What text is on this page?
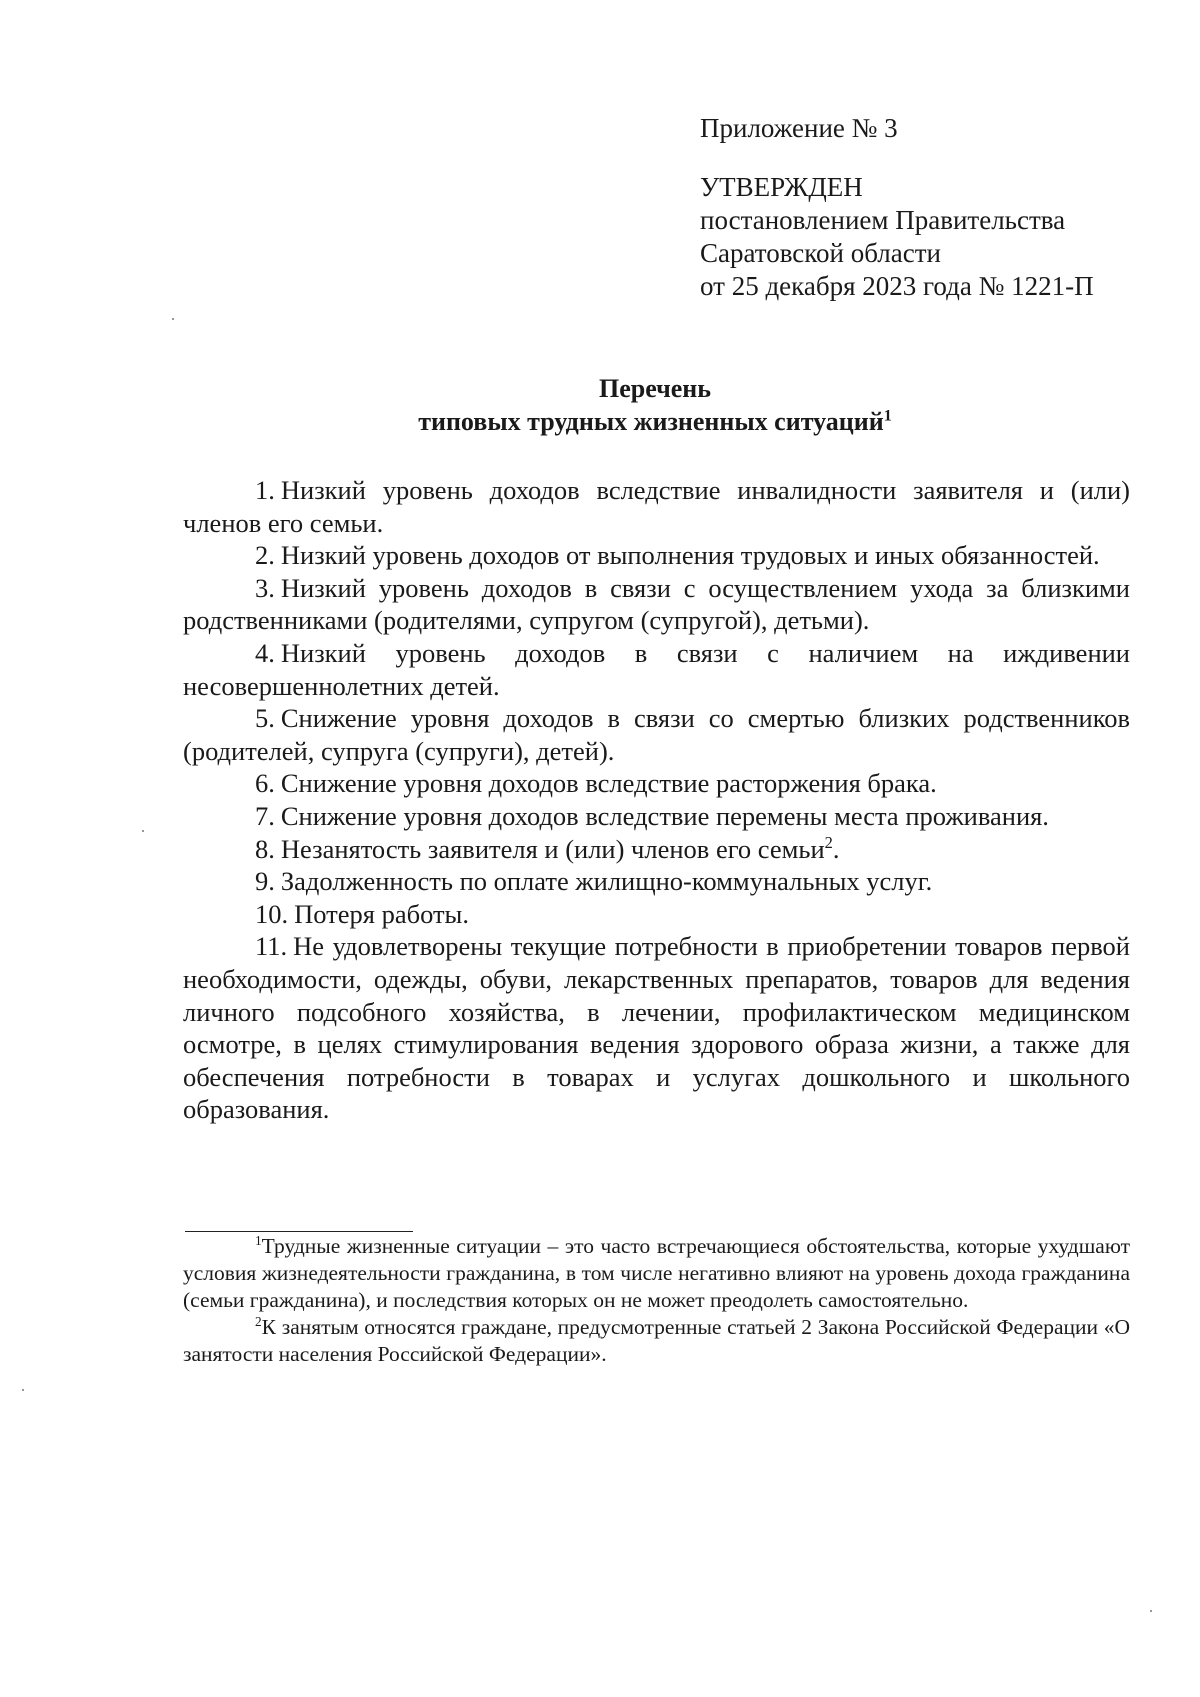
Приложение № 3
УТВЕРЖДЕН
постановлением Правительства
Саратовской области
от 25 декабря 2023 года № 1221-П
Перечень
типовых трудных жизненных ситуаций$^1$

1. Низкий уровень доходов вследствие инвалидности заявителя и (или) членов его семьи.

2. Низкий уровень доходов от выполнения трудовых и иных обязанностей.

3. Низкий уровень доходов в связи с осуществлением ухода за близкими родственниками (родителями, супругом (супругой), детьми).

4. Низкий уровень доходов в связи с наличием на иждивении несовершеннолетних детей.

5. Снижение уровня доходов в связи со смертью близких родственников (родителей, супруга (супруги), детей).

6. Снижение уровня доходов вследствие расторжения брака.

7. Снижение уровня доходов вследствие перемены места проживания.

8. Незанятость заявителя и (или) членов его семьи$^2$.

9. Задолженность по оплате жилищно-коммунальных услуг.

10. Потеря работы.

11. Не удовлетворены текущие потребности в приобретении товаров первой необходимости, одежды, обуви, лекарственных препаратов, товаров для ведения личного подсобного хозяйства, в лечении, профилактическом медицинском осмотре, в целях стимулирования ведения здорового образа жизни, а также для обеспечения потребности в товарах и услугах дошкольного и школьного образования.

$^1$Трудные жизненные ситуации – это часто встречающиеся обстоятельства, которые ухудшают условия жизнедеятельности гражданина, в том числе негативно влияют на уровень дохода гражданина (семьи гражданина), и последствия которых он не может преодолеть самостоятельно.

$^2$К занятым относятся граждане, предусмотренные статьей 2 Закона Российской Федерации «О занятости населения Российской Федерации».
